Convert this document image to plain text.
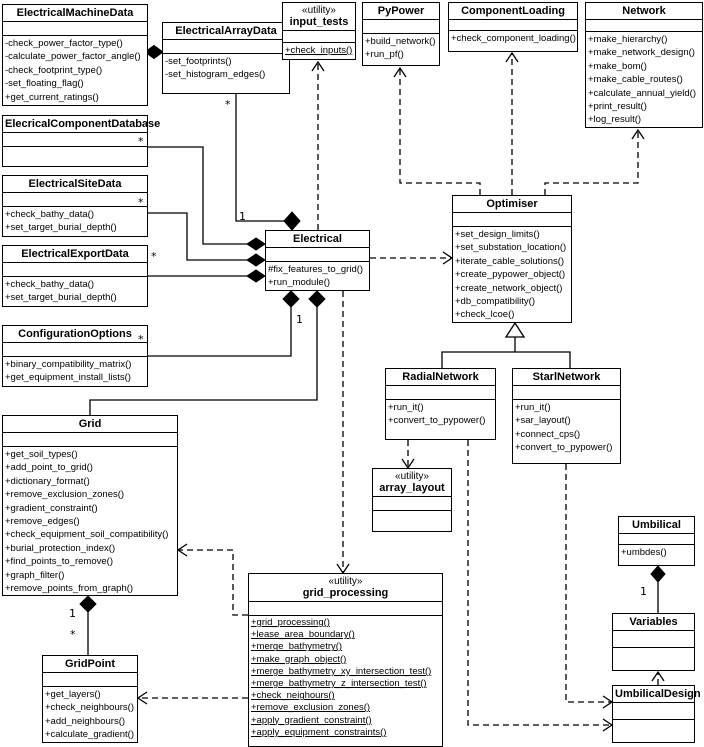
ElectricalMachineData
-check_power_factor_type()
-calculate_power_factor_angle()
-check_footprint_type()
-set_floating_flag()
+get_current_ratings()
ElectricalArrayData
-set_footprints()
-set_histogram_edges()
«utility»
input_tests
+check_inputs()
PyPower
+build_network()
+run_pf()
ComponentLoading
+check_component_loading()
Network
+make_hierarchy()
+make_network_design()
+make_bom()
+make_cable_routes()
+calculate_annual_yield()
+print_result()
+log_result()
ElecricalComponentDatabase
ElectricalSiteData
+check_bathy_data()
+set_target_burial_depth()
ElectricalExportData
+check_bathy_data()
+set_target_burial_depth()
ConfigurationOptions
+binary_compatibility_matrix()
+get_equipment_install_lists()
Grid
+get_soil_types()
+add_point_to_grid()
+dictionary_format()
+remove_exclusion_zones()
+gradient_constraint()
+remove_edges()
+check_equipment_soil_compatibility()
+burial_protection_index()
+find_points_to_remove()
+graph_filter()
+remove_points_from_graph()
GridPoint
+get_layers()
+check_neighbours()
+add_neighbours()
+calculate_gradient()
Electrical
#fix_features_to_grid()
+run_module()
Optimiser
+set_design_limits()
+set_substation_location()
+iterate_cable_solutions()
+create_pypower_object()
+create_network_object()
+db_compatibility()
+check_lcoe()
RadialNetwork
+run_it()
+convert_to_pypower()
StarlNetwork
+run_it()
+sar_layout()
+connect_cps()
+convert_to_pypower()
«utility»
array_layout
«utility»
grid_processing
+grid_processing()
+lease_area_boundary()
+merge_bathymetry()
+make_graph_object()
+merge_bathymetry_xy_intersection_test()
+merge_bathymetry_z_intersection_test()
+check_neighours()
+remove_exclusion_zones()
+apply_gradient_constraint()
+apply_equipment_constraints()
Umbilical
+umbdes()
Variables
UmbilicalDesign
*
*
*
*
*
1
1
1
*
1
